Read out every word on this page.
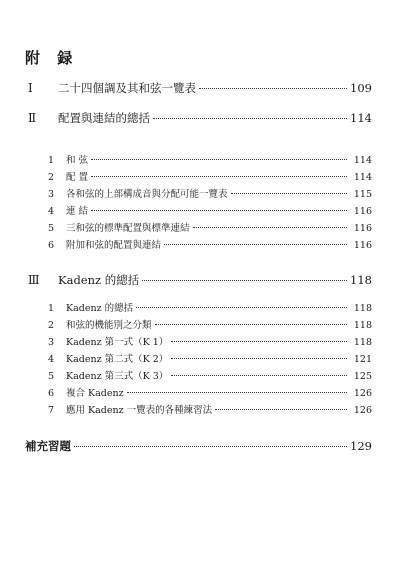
附 録
Ⅰ	二十四個調及其和弦一覽表	109
Ⅱ	配置與連結的總括	114
1	和 弦	114
2	配 置	114
3	各和弦的上部構成音與分配可能一覽表	115
4	連 結	116
5	三和弦的標準配置與標準連結	116
6	附加和弦的配置與連結	116
Ⅲ	Kadenz 的總括	118
1	Kadenz 的總括	118
2	和弦的機能別之分類	118
3	Kadenz 第一式（K 1）	118
4	Kadenz 第二式（K 2）	121
5	Kadenz 第三式（K 3）	125
6	複合 Kadenz	126
7	應用 Kadenz 一覽表的各種練習法	126
補充習題	129
